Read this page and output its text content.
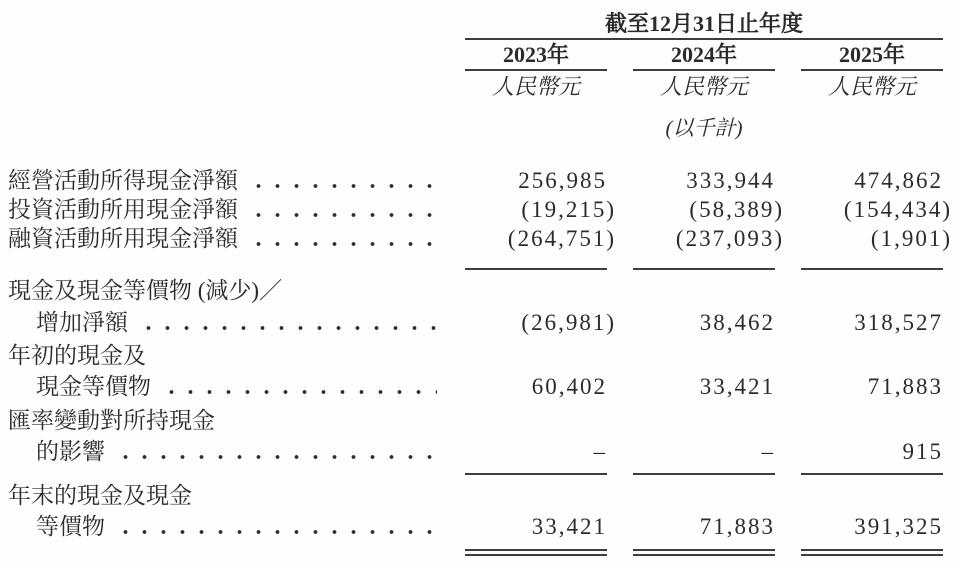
截至12月31日止年度
2023年	2024年	2025年
人民幣元	人民幣元	人民幣元
(以千計)
經營活動所得現金淨額	256,985	333,944	474,862
投資活動所用現金淨額	(19,215)	(58,389)	(154,434)
融資活動所用現金淨額	(264,751)	(237,093)	(1,901)
現金及現金等價物 (減少)／
增加淨額	(26,981)	38,462	318,527
年初的現金及
現金等價物	60,402	33,421	71,883
匯率變動對所持現金
的影響	–	–	915
年末的現金及現金
等價物	33,421	71,883	391,325
